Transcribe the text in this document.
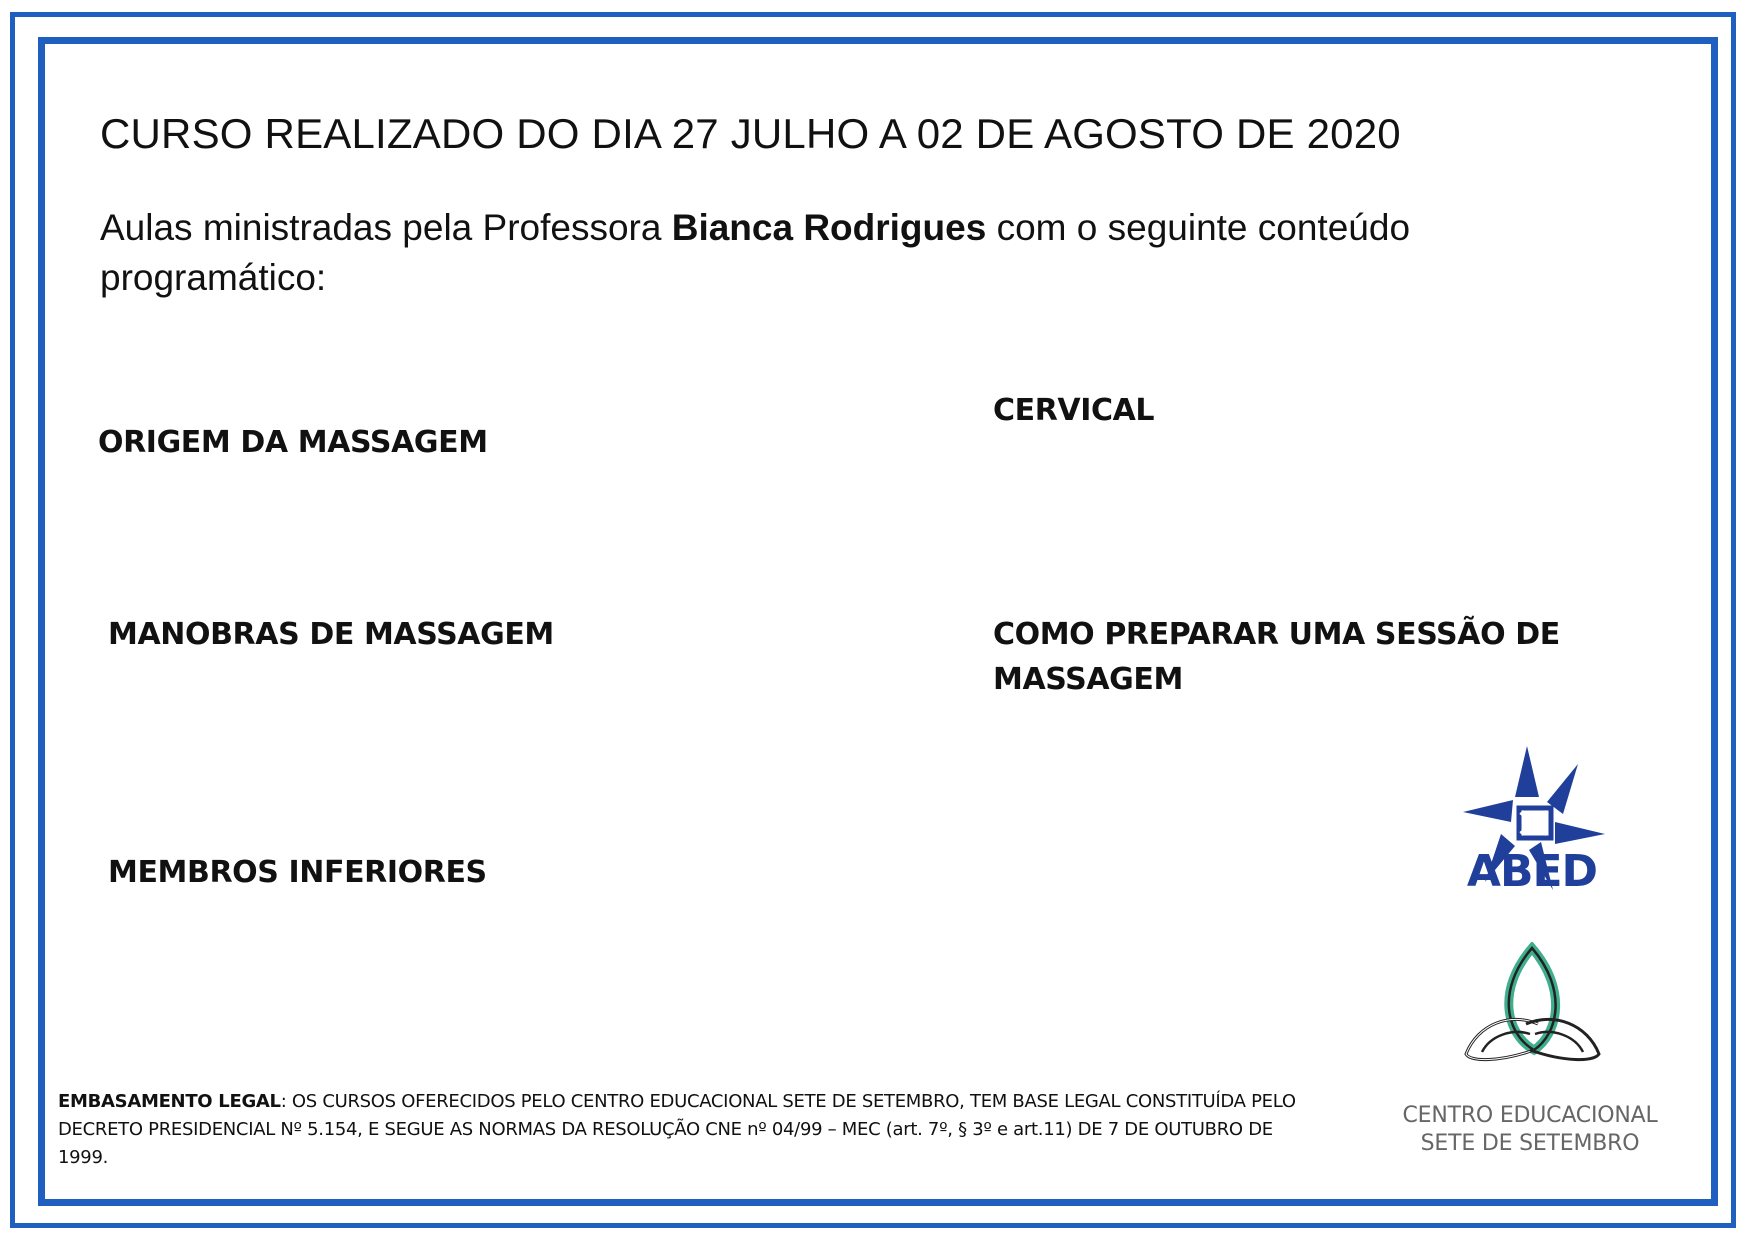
CURSO REALIZADO DO DIA 27 JULHO A 02 DE AGOSTO DE 2020
Aulas ministradas pela Professora Bianca Rodrigues com o seguinte conteúdo programático:
ORIGEM DA MASSAGEM
CERVICAL
MANOBRAS DE MASSAGEM	COMO PREPARAR UMA SESSÃO DE
MASSAGEM
MEMBROS INFERIORES
EMBASAMENTO LEGAL: OS CURSOS OFERECIDOS PELO CENTRO EDUCACIONAL SETE DE SETEMBRO, TEM BASE LEGAL CONSTITUÍDA PELO DECRETO PRESIDENCIAL Nº 5.154, E SEGUE AS NORMAS DA RESOLUÇÃO CNE nº 04/99 – MEC (art. 7º, § 3º e art.11) DE 7 DE OUTUBRO DE 1999.
ABED
CENTRO EDUCACIONAL
SETE DE SETEMBRO
